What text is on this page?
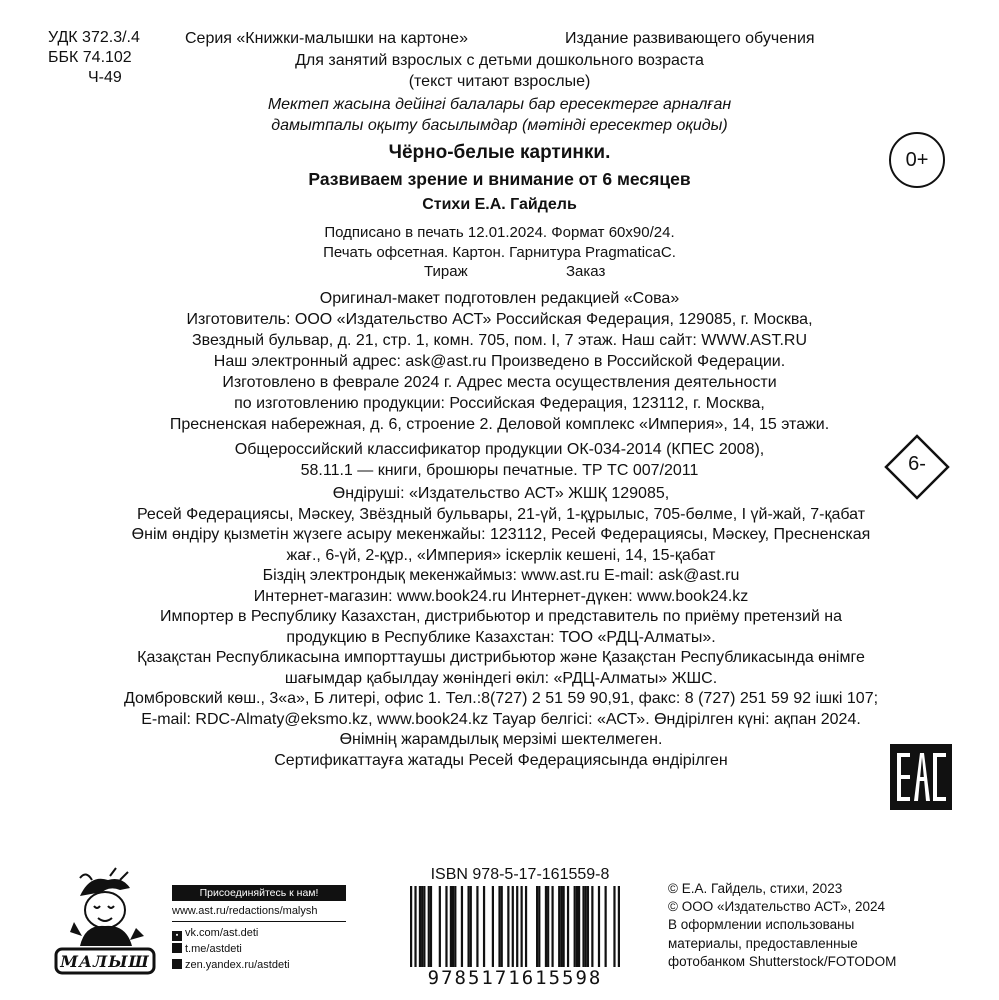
УДК 372.3/.4
ББК 74.102
Ч-49
Серия «Книжки-малышки на картоне»	Издание развивающего обучения
Для занятий взрослых с детьми дошкольного возраста
(текст читают взрослые)
Мектеп жасына дейінгі балалары бар ересектерге арналған
дамытпалы оқыту басылымдар (мәтінді ересектер оқиды)
Чёрно-белые картинки.
Развиваем зрение и внимание от 6 месяцев
Стихи Е.А. Гайдель
Подписано в печать 12.01.2024. Формат 60х90/24.
Печать офсетная. Картон. Гарнитура PragmaticaC.
Тираж	Заказ
Оригинал-макет подготовлен редакцией «Сова»
Изготовитель: ООО «Издательство АСТ» Российская Федерация, 129085, г. Москва,
Звездный бульвар, д. 21, стр. 1, комн. 705, пом. I, 7 этаж. Наш сайт: WWW.AST.RU
Наш электронный адрес: ask@ast.ru Произведено в Российской Федерации.
Изготовлено в феврале 2024 г. Адрес места осуществления деятельности
по изготовлению продукции: Российская Федерация, 123112, г. Москва,
Пресненская набережная, д. 6, строение 2. Деловой комплекс «Империя», 14, 15 этажи.
Общероссийский классификатор продукции ОК-034-2014 (КПЕС 2008),
58.11.1 — книги, брошюры печатные. ТР ТС 007/2011
Өндіруші: «Издательство АСТ» ЖШҚ 129085,
Ресей Федерациясы, Мәскеу, Звёздный бульвары, 21-үй, 1-құрылыс, 705-бөлме, I үй-жай, 7-қабат
Өнім өндіру қызметін жүзеге асыру мекенжайы: 123112, Ресей Федерациясы, Мәскеу, Пресненская
жағ., 6-үй, 2-құр., «Империя» іскерлік кешені, 14, 15-қабат
Біздің электрондық мекенжаймыз: www.ast.ru E-mail: ask@ast.ru
Интернет-магазин: www.book24.ru Интернет-дүкен: www.book24.kz
Импортер в Республику Казахстан, дистрибьютор и представитель по приёму претензий на
продукцию в Республике Казахстан: ТОО «РДЦ-Алматы».
Қазақстан Республикасына импорттаушы дистрибьютор және Қазақстан Республикасында өнімге
шағымдар қабылдау жөніндегі өкіл: «РДЦ-Алматы» ЖШС.
Домбровский көш., 3«а», Б литері, офис 1. Тел.:8(727) 2 51 59 90,91, факс: 8 (727) 251 59 92 ішкі 107;
E-mail: RDC-Almaty@eksmo.kz, www.book24.kz Тауар белгісі: «АСТ». Өндірілген күні: ақпан 2024.
Өнімнің жарамдылық мерзімі шектелмеген.
Сертификаттауға жатады Ресей Федерациясында өндірілген
0+
6-
МАЛЫШ
Присоединяйтесь к нам!
www.ast.ru/redactions/malysh
▪ vk.com/ast.deti
t.me/astdeti
zen.yandex.ru/astdeti
ISBN 978-5-17-161559-8
9785171615598
© Е.А. Гайдель, стихи, 2023
© ООО «Издательство АСТ», 2024
В оформлении использованы
материалы, предоставленные
фотобанком Shutterstock/FOTODOM
